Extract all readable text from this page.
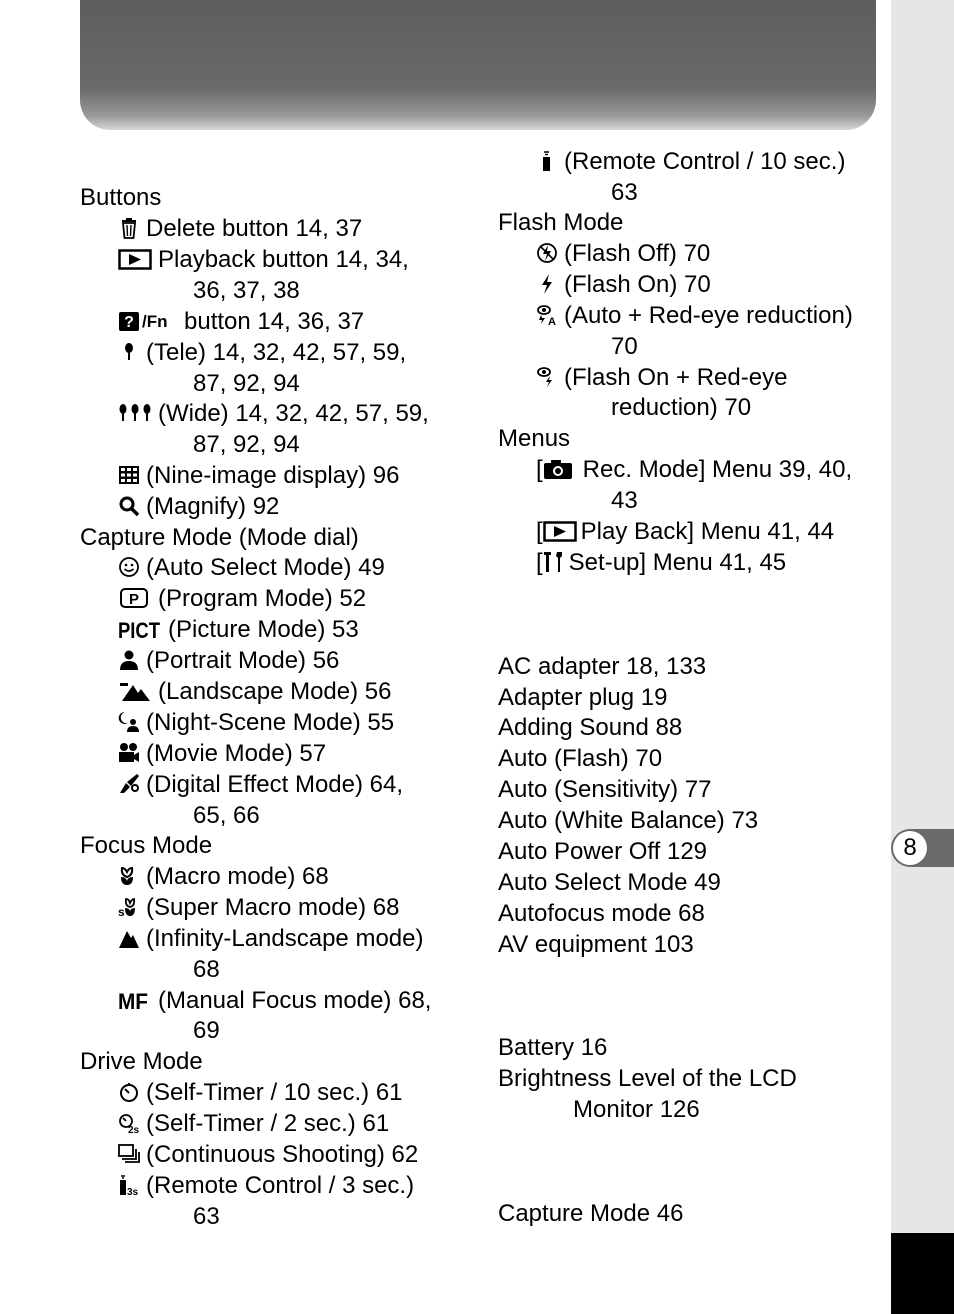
8
Buttons
Delete button 14, 37
Playback button 14, 34,
36, 37, 38
? /Fn button 14, 36, 37
(Tele) 14, 32, 42, 57, 59,
87, 92, 94
(Wide) 14, 32, 42, 57, 59,
87, 92, 94
(Nine-image display) 96
(Magnify) 92
Capture Mode (Mode dial)
(Auto Select Mode) 49
P (Program Mode) 52
PICT (Picture Mode) 53
(Portrait Mode) 56
(Landscape Mode) 56
(Night-Scene Mode) 55
(Movie Mode) 57
(Digital Effect Mode) 64,
65, 66
Focus Mode
(Macro mode) 68
s (Super Macro mode) 68
(Infinity-Landscape mode)
68
MF (Manual Focus mode) 68,
69
Drive Mode
(Self-Timer / 10 sec.) 61
2s (Self-Timer / 2 sec.) 61
(Continuous Shooting) 62
3s (Remote Control / 3 sec.)
63
(Remote Control / 10 sec.)
63
Flash Mode
(Flash Off) 70
(Flash On) 70
A (Auto + Red-eye reduction)
70
(Flash On + Red-eye
reduction) 70
Menus
[ Rec. Mode] Menu 39, 40,
43
[ Play Back] Menu 41, 44
[ Set-up] Menu 41, 45
AC adapter 18, 133
Adapter plug 19
Adding Sound 88
Auto (Flash) 70
Auto (Sensitivity) 77
Auto (White Balance) 73
Auto Power Off 129
Auto Select Mode 49
Autofocus mode 68
AV equipment 103
Battery 16
Brightness Level of the LCD
Monitor 126
Capture Mode 46
